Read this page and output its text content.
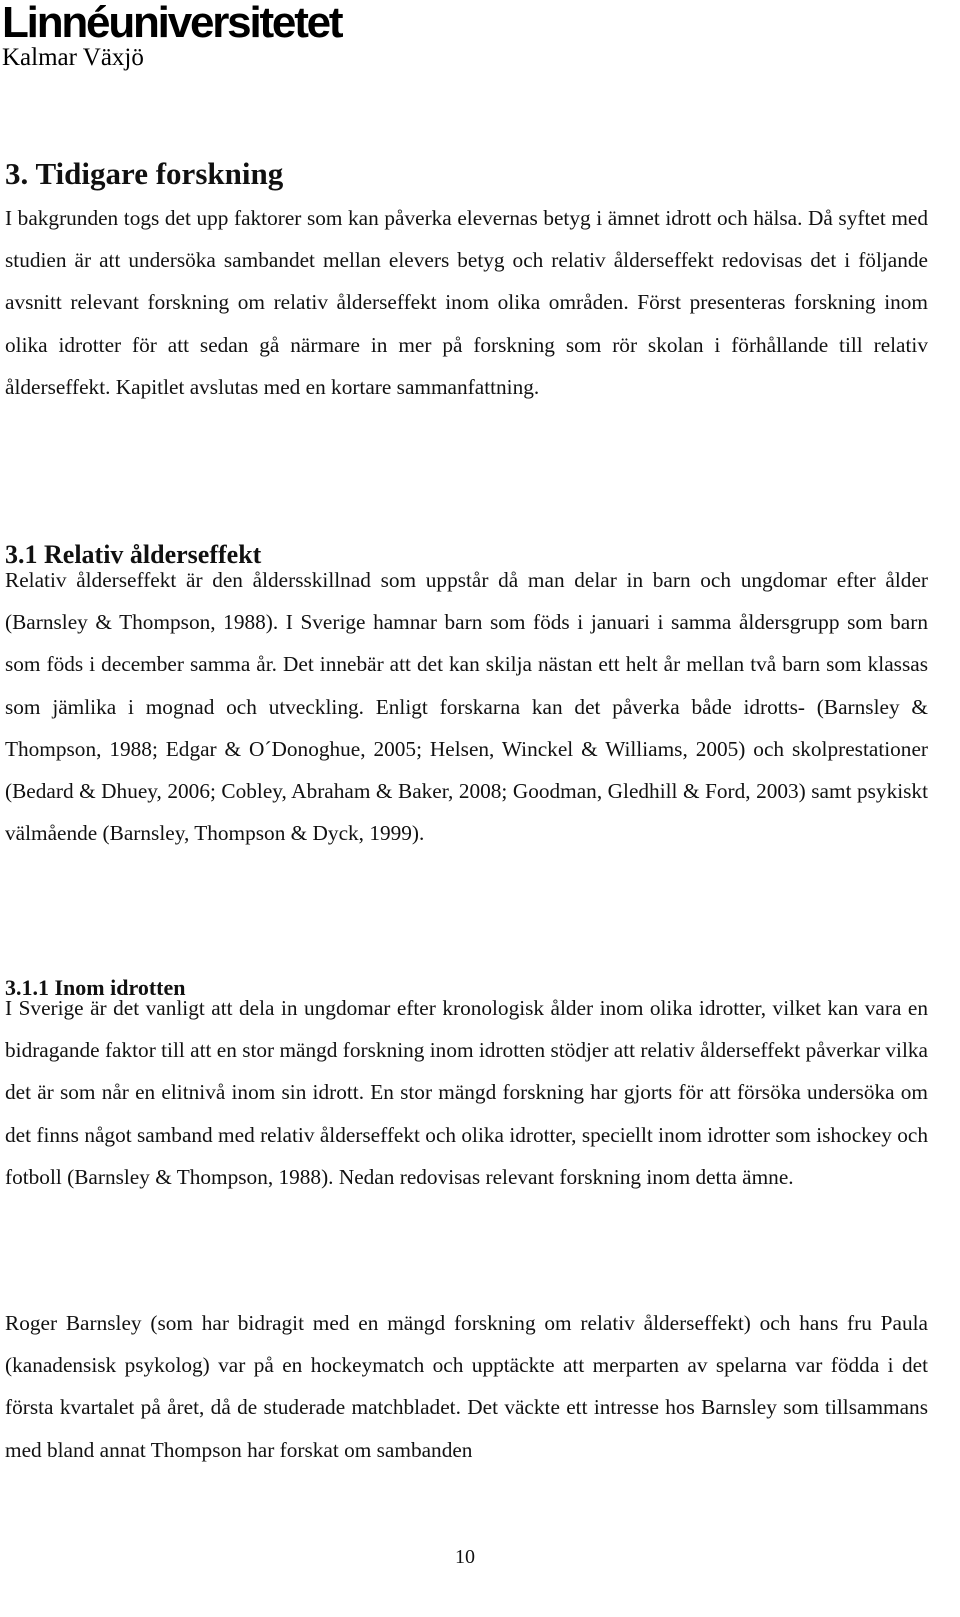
Linnéuniversitetet
Kalmar Växjö
3. Tidigare forskning

I bakgrunden togs det upp faktorer som kan påverka elevernas betyg i ämnet idrott och hälsa. Då syftet med studien är att undersöka sambandet mellan elevers betyg och relativ ålderseffekt redovisas det i följande avsnitt relevant forskning om relativ ålderseffekt inom olika områden. Först presenteras forskning inom olika idrotter för att sedan gå närmare in mer på forskning som rör skolan i förhållande till relativ ålderseffekt. Kapitlet avslutas med en kortare sammanfattning.

3.1 Relativ ålderseffekt

Relativ ålderseffekt är den åldersskillnad som uppstår då man delar in barn och ungdomar efter ålder (Barnsley & Thompson, 1988). I Sverige hamnar barn som föds i januari i samma åldersgrupp som barn som föds i december samma år. Det innebär att det kan skilja nästan ett helt år mellan två barn som klassas som jämlika i mognad och utveckling. Enligt forskarna kan det påverka både idrotts- (Barnsley & Thompson, 1988; Edgar & O´Donoghue, 2005; Helsen, Winckel & Williams, 2005) och skolprestationer (Bedard & Dhuey, 2006; Cobley, Abraham & Baker, 2008; Goodman, Gledhill & Ford, 2003) samt psykiskt välmående (Barnsley, Thompson & Dyck, 1999).

3.1.1 Inom idrotten

I Sverige är det vanligt att dela in ungdomar efter kronologisk ålder inom olika idrotter, vilket kan vara en bidragande faktor till att en stor mängd forskning inom idrotten stödjer att relativ ålderseffekt påverkar vilka det är som når en elitnivå inom sin idrott. En stor mängd forskning har gjorts för att försöka undersöka om det finns något samband med relativ ålderseffekt och olika idrotter, speciellt inom idrotter som ishockey och fotboll (Barnsley & Thompson, 1988). Nedan redovisas relevant forskning inom detta ämne.

Roger Barnsley (som har bidragit med en mängd forskning om relativ ålderseffekt) och hans fru Paula (kanadensisk psykolog) var på en hockeymatch och upptäckte att merparten av spelarna var födda i det första kvartalet på året, då de studerade matchbladet. Det väckte ett intresse hos Barnsley som tillsammans med bland annat Thompson har forskat om sambanden

10
